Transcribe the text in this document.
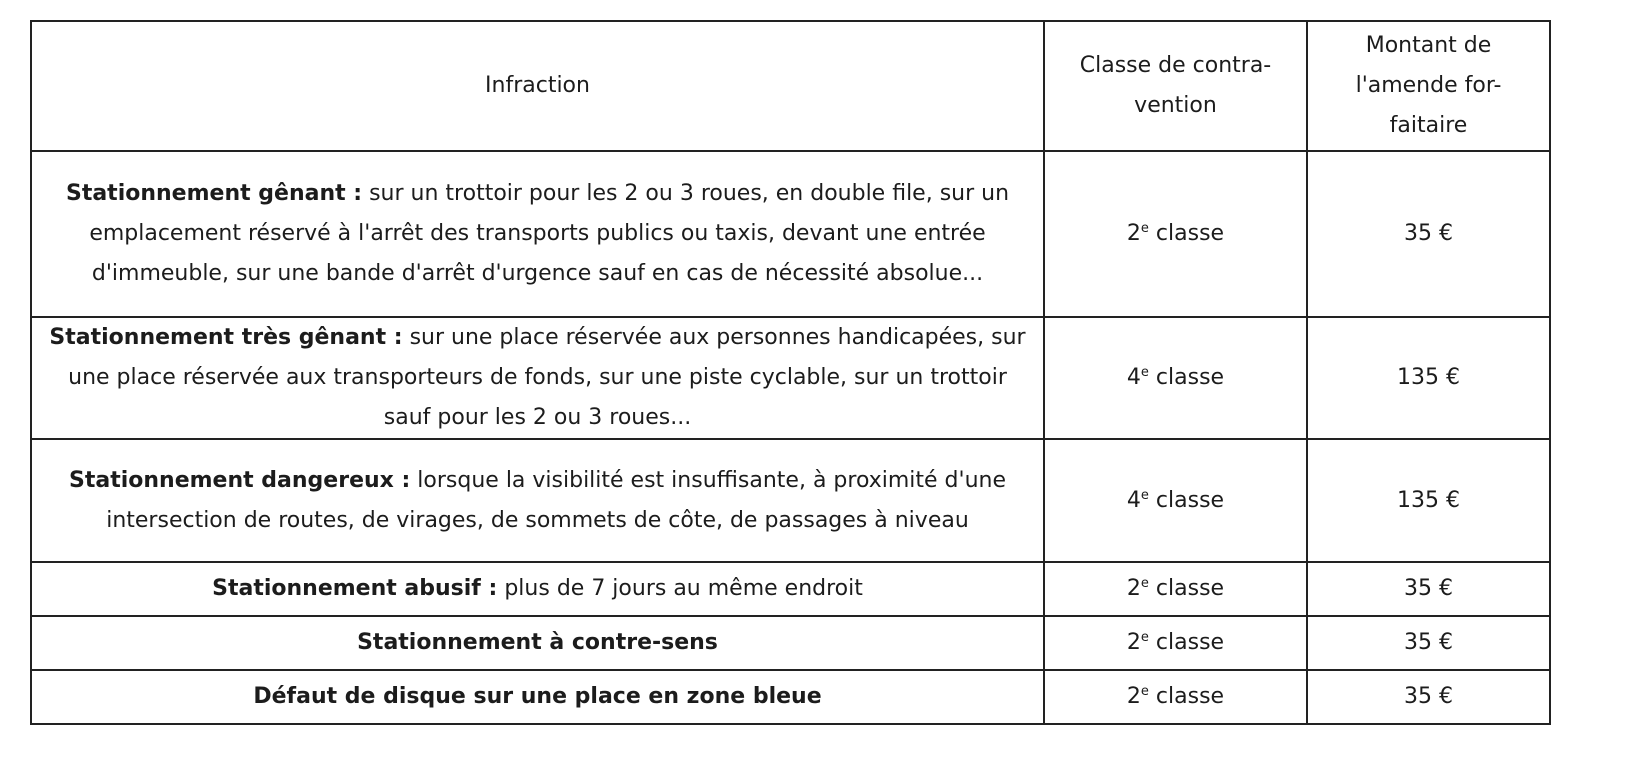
Infraction	Classe de contra-vention	Montant de l'amende for-faitaire
Stationnement gênant : sur un trottoir pour les 2 ou 3 roues, en double file, sur un emplacement réservé à l'arrêt des transports publics ou taxis, devant une entrée d'immeuble, sur une bande d'arrêt d'urgence sauf en cas de nécessité absolue...	2e classe	35 €
Stationnement très gênant : sur une place réservée aux personnes handicapées, sur une place réservée aux transporteurs de fonds, sur une piste cyclable, sur un trottoir sauf pour les 2 ou 3 roues...	4e classe	135 €
Stationnement dangereux : lorsque la visibilité est insuffisante, à proximité d'une intersection de routes, de virages, de sommets de côte, de passages à niveau	4e classe	135 €
Stationnement abusif : plus de 7 jours au même endroit	2e classe	35 €
Stationnement à contre-sens	2e classe	35 €
Défaut de disque sur une place en zone bleue	2e classe	35 €
